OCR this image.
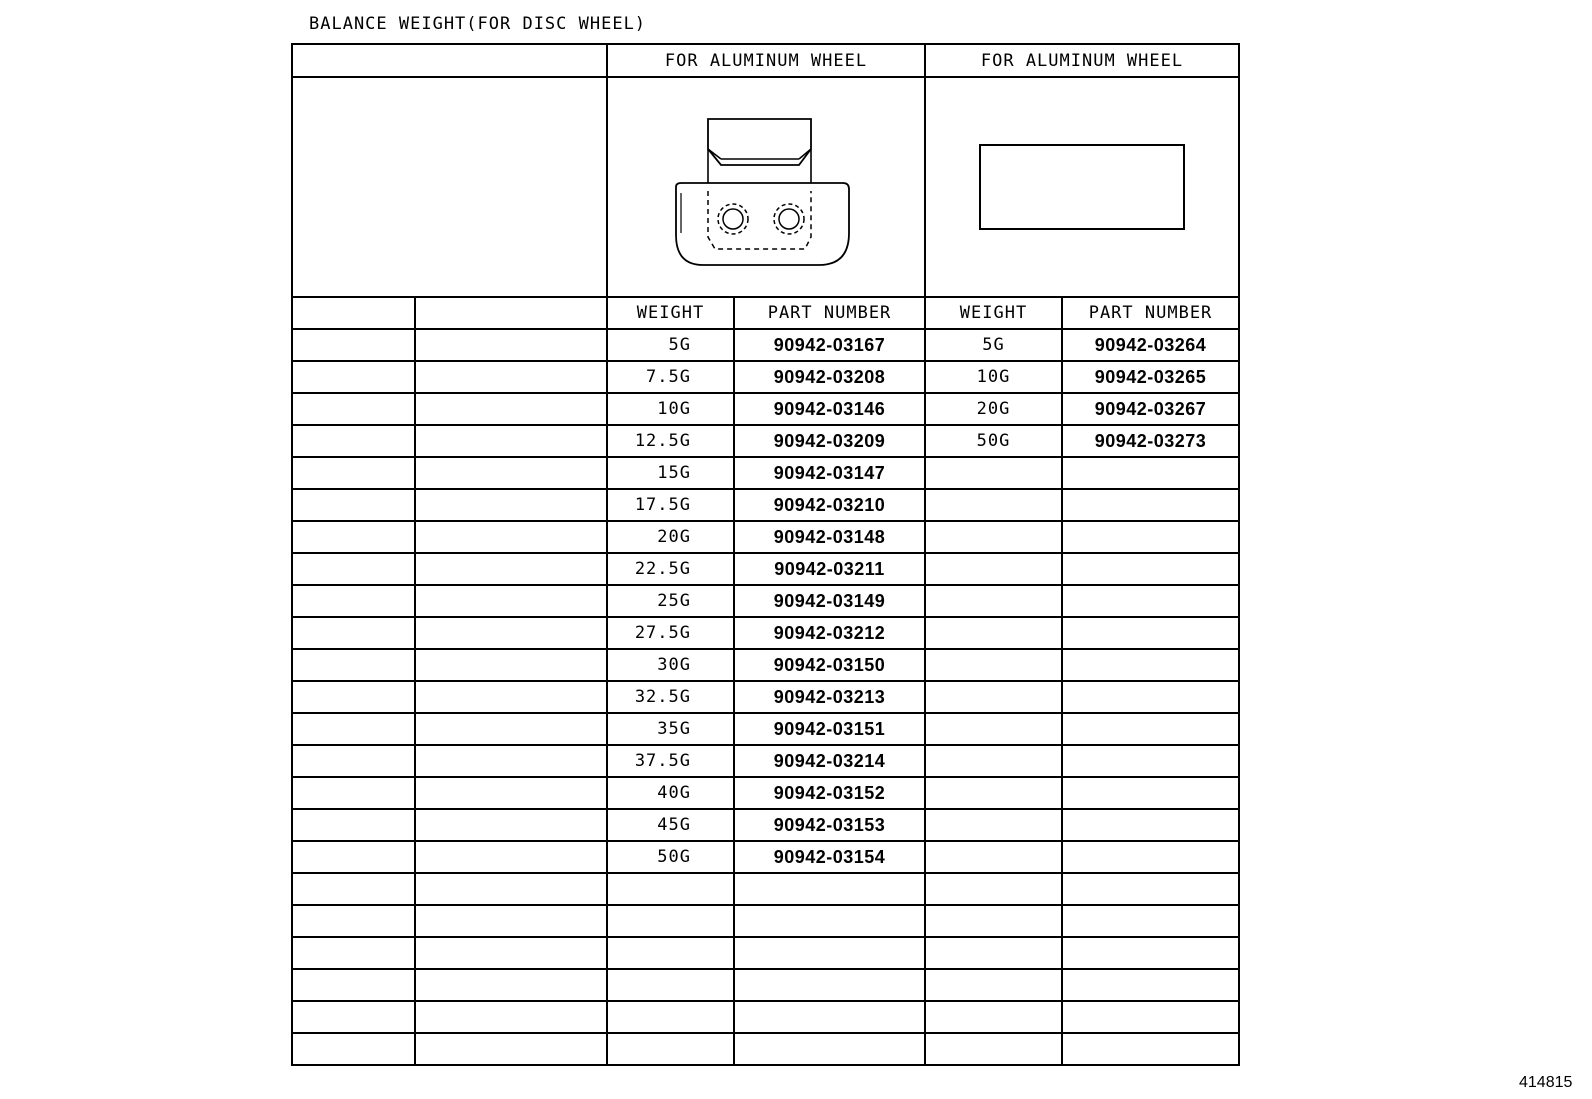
BALANCE WEIGHT(FOR DISC WHEEL)
		FOR ALUMINUM WHEEL		FOR ALUMINUM WHEEL	

		WEIGHT	PART NUMBER	WEIGHT	PART NUMBER
		5G	90942-03167	5G	90942-03264
		7.5G	90942-03208	10G	90942-03265
		10G	90942-03146	20G	90942-03267
		12.5G	90942-03209	50G	90942-03273
		15G	90942-03147		
		17.5G	90942-03210		
		20G	90942-03148		
		22.5G	90942-03211		
		25G	90942-03149		
		27.5G	90942-03212		
		30G	90942-03150		
		32.5G	90942-03213		
		35G	90942-03151		
		37.5G	90942-03214		
		40G	90942-03152		
		45G	90942-03153		
		50G	90942-03154		

414815
